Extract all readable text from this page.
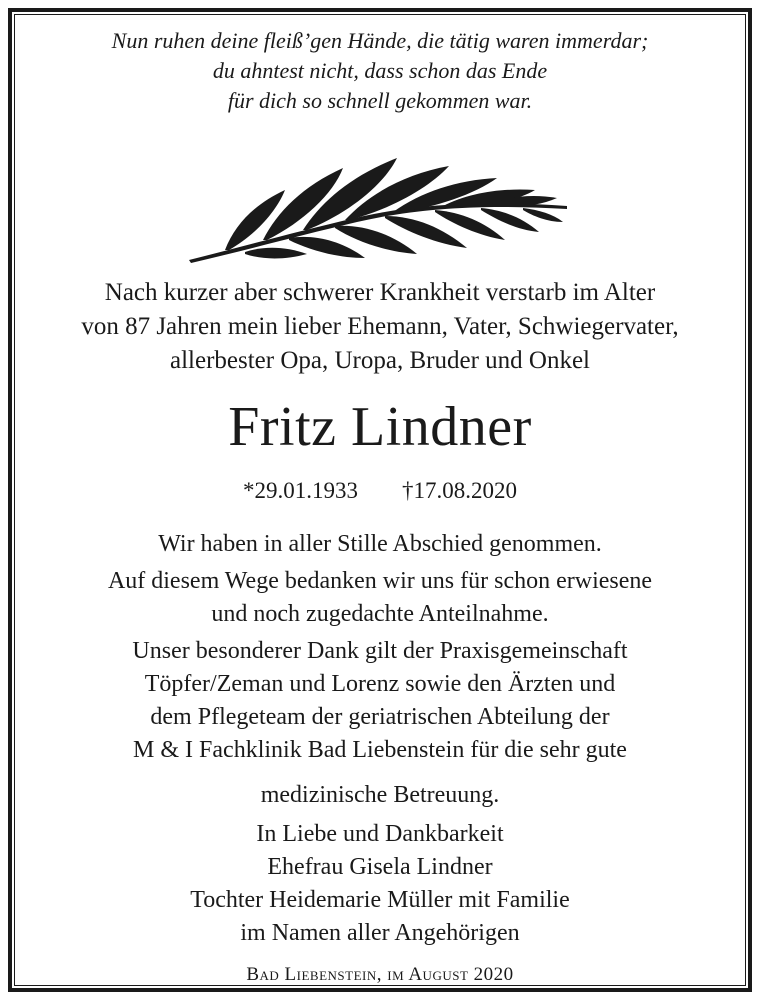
Nun ruhen deine fleiß’gen Hände, die tätig waren immerdar;
du ahntest nicht, dass schon das Ende
für dich so schnell gekommen war.
Nach kurzer aber schwerer Krankheit verstarb im Alter
von 87 Jahren mein lieber Ehemann, Vater, Schwiegervater,
allerbester Opa, Uropa, Bruder und Onkel
Fritz Lindner
*29.01.1933 †17.08.2020
Wir haben in aller Stille Abschied genommen.
Auf diesem Wege bedanken wir uns für schon erwiesene
und noch zugedachte Anteilnahme.
Unser besonderer Dank gilt der Praxisgemeinschaft
Töpfer/Zeman und Lorenz sowie den Ärzten und
dem Pflegeteam der geriatrischen Abteilung der
M & I Fachklinik Bad Liebenstein für die sehr gute
medizinische Betreuung.
In Liebe und Dankbarkeit
Ehefrau Gisela Lindner
Tochter Heidemarie Müller mit Familie
im Namen aller Angehörigen
Bad Liebenstein, im August 2020
